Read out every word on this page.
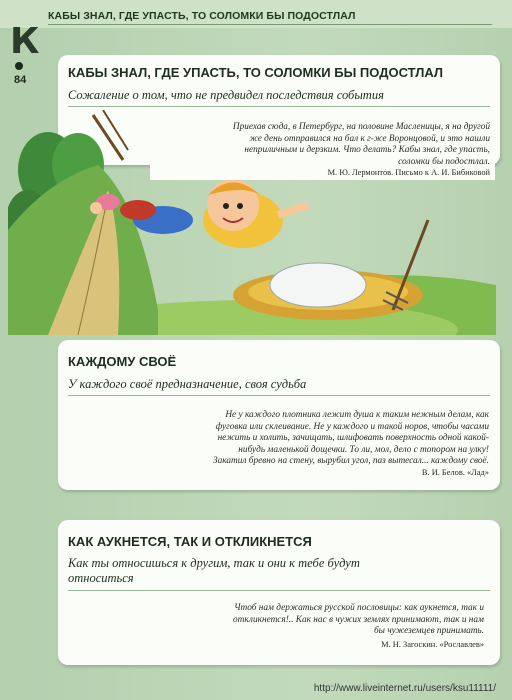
КАБЫ ЗНАЛ, ГДЕ УПАСТЬ, ТО СОЛОМКИ БЫ ПОДОСТЛАЛ
К
84	КАБЫ ЗНАЛ, ГДЕ УПАСТЬ, ТО СОЛОМКИ БЫ ПОДОСТЛАЛ
Сожаление о том, что не предвидел последствия события
Приехав сюда, в Петербург, на половине Масленицы, я на другой
же день отправился на бал к г-же Воронцовой, и это нашли
неприличным и дерзким. Что делать? Кабы знал, где упасть,
соломки бы подостлал.
М. Ю. Лермонтов. Письмо к А. И. Бибиковой
КАЖДОМУ СВОЁ
У каждого своё предназначение, своя судьба
Не у каждого плотника лежит душа к таким нежным делам, как
фуговка или склеивание. Не у каждого и такой норов, чтобы часами
нежить и холить, зачищать, шлифовать поверхность одной какой-
нибудь маленькой дощечки. То ли, мол, дело с топором на улку!
Закатил бревно на стену, вырубил угол, паз вытесал... каждому своё.
В. И. Белов. «Лад»
КАК АУКНЕТСЯ, ТАК И ОТКЛИКНЕТСЯ
Как ты относишься к другим, так и они к тебе будут
относиться
Чтоб нам держаться русской пословицы: как аукнется, так и
откликнется!.. Как нас в чужих землях принимают, так и нам
бы чужеземцев принимать.
М. Н. Загоскин. «Рославлев»
http://www.liveinternet.ru/users/ksu11111/
